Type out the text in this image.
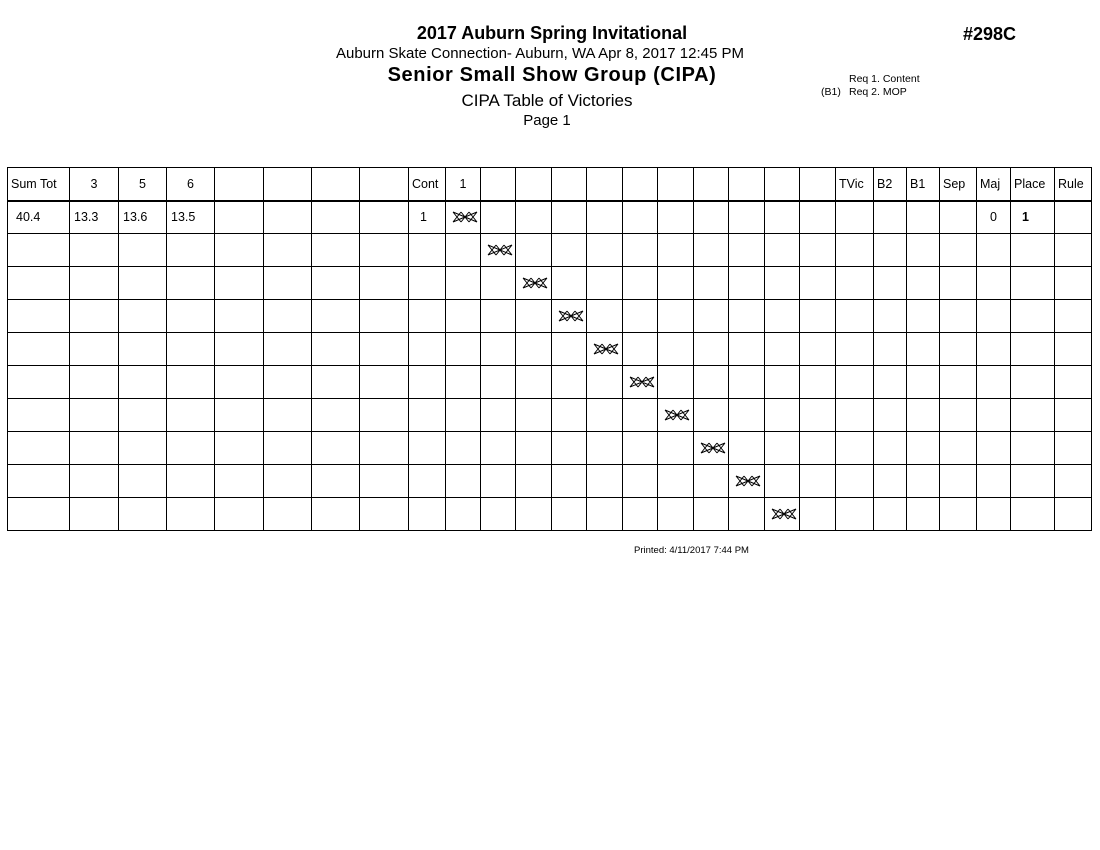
2017 Auburn Spring Invitational
Auburn Skate Connection- Auburn, WA Apr 8, 2017 12:45 PM
Senior Small Show Group (CIPA)
CIPA Table of Victories
Page 1
#298C
Req 1. Content
(B1) Req 2. MOP
Sum Tot	3	5	6					Cont	1											TVic	B2	B1	Sep	Maj	Place	Rule
40.4	13.3	13.6	13.5					1																0	1	

Printed: 4/11/2017 7:44 PM
